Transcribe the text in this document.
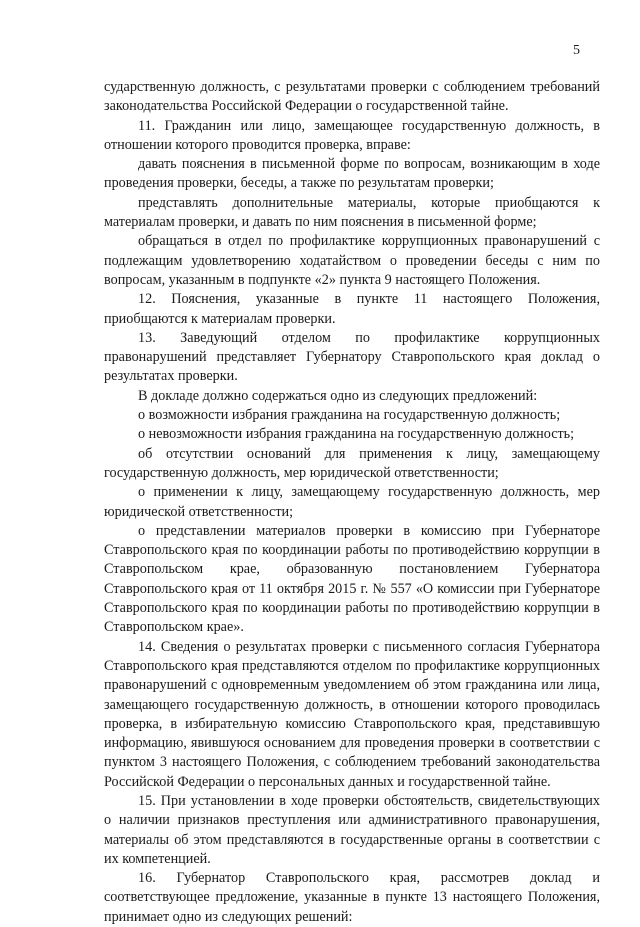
5

сударственную должность, с результатами проверки с соблюдением требований законодательства Российской Федерации о государственной тайне.

11. Гражданин или лицо, замещающее государственную должность, в отношении которого проводится проверка, вправе:

давать пояснения в письменной форме по вопросам, возникающим в ходе проведения проверки, беседы, а также по результатам проверки;

представлять дополнительные материалы, которые приобщаются к материалам проверки, и давать по ним пояснения в письменной форме;

обращаться в отдел по профилактике коррупционных правонарушений с подлежащим удовлетворению ходатайством о проведении беседы с ним по вопросам, указанным в подпункте «2» пункта 9 настоящего Положения.

12. Пояснения, указанные в пункте 11 настоящего Положения, приобщаются к материалам проверки.

13. Заведующий отделом по профилактике коррупционных правонарушений представляет Губернатору Ставропольского края доклад о результатах проверки.

В докладе должно содержаться одно из следующих предложений:

о возможности избрания гражданина на государственную должность;

о невозможности избрания гражданина на государственную должность;

об отсутствии оснований для применения к лицу, замещающему государственную должность, мер юридической ответственности;

о применении к лицу, замещающему государственную должность, мер юридической ответственности;

о представлении материалов проверки в комиссию при Губернаторе Ставропольского края по координации работы по противодействию коррупции в Ставропольском крае, образованную постановлением Губернатора Ставропольского края от 11 октября 2015 г. № 557 «О комиссии при Губернаторе Ставропольского края по координации работы по противодействию коррупции в Ставропольском крае».

14. Сведения о результатах проверки с письменного согласия Губернатора Ставропольского края представляются отделом по профилактике коррупционных правонарушений с одновременным уведомлением об этом гражданина или лица, замещающего государственную должность, в отношении которого проводилась проверка, в избирательную комиссию Ставропольского края, представившую информацию, явившуюся основанием для проведения проверки в соответствии с пунктом 3 настоящего Положения, с соблюдением требований законодательства Российской Федерации о персональных данных и государственной тайне.

15. При установлении в ходе проверки обстоятельств, свидетельствующих о наличии признаков преступления или административного правонарушения, материалы об этом представляются в государственные органы в соответствии с их компетенцией.

16. Губернатор Ставропольского края, рассмотрев доклад и соответствующее предложение, указанные в пункте 13 настоящего Положения, принимает одно из следующих решений:
